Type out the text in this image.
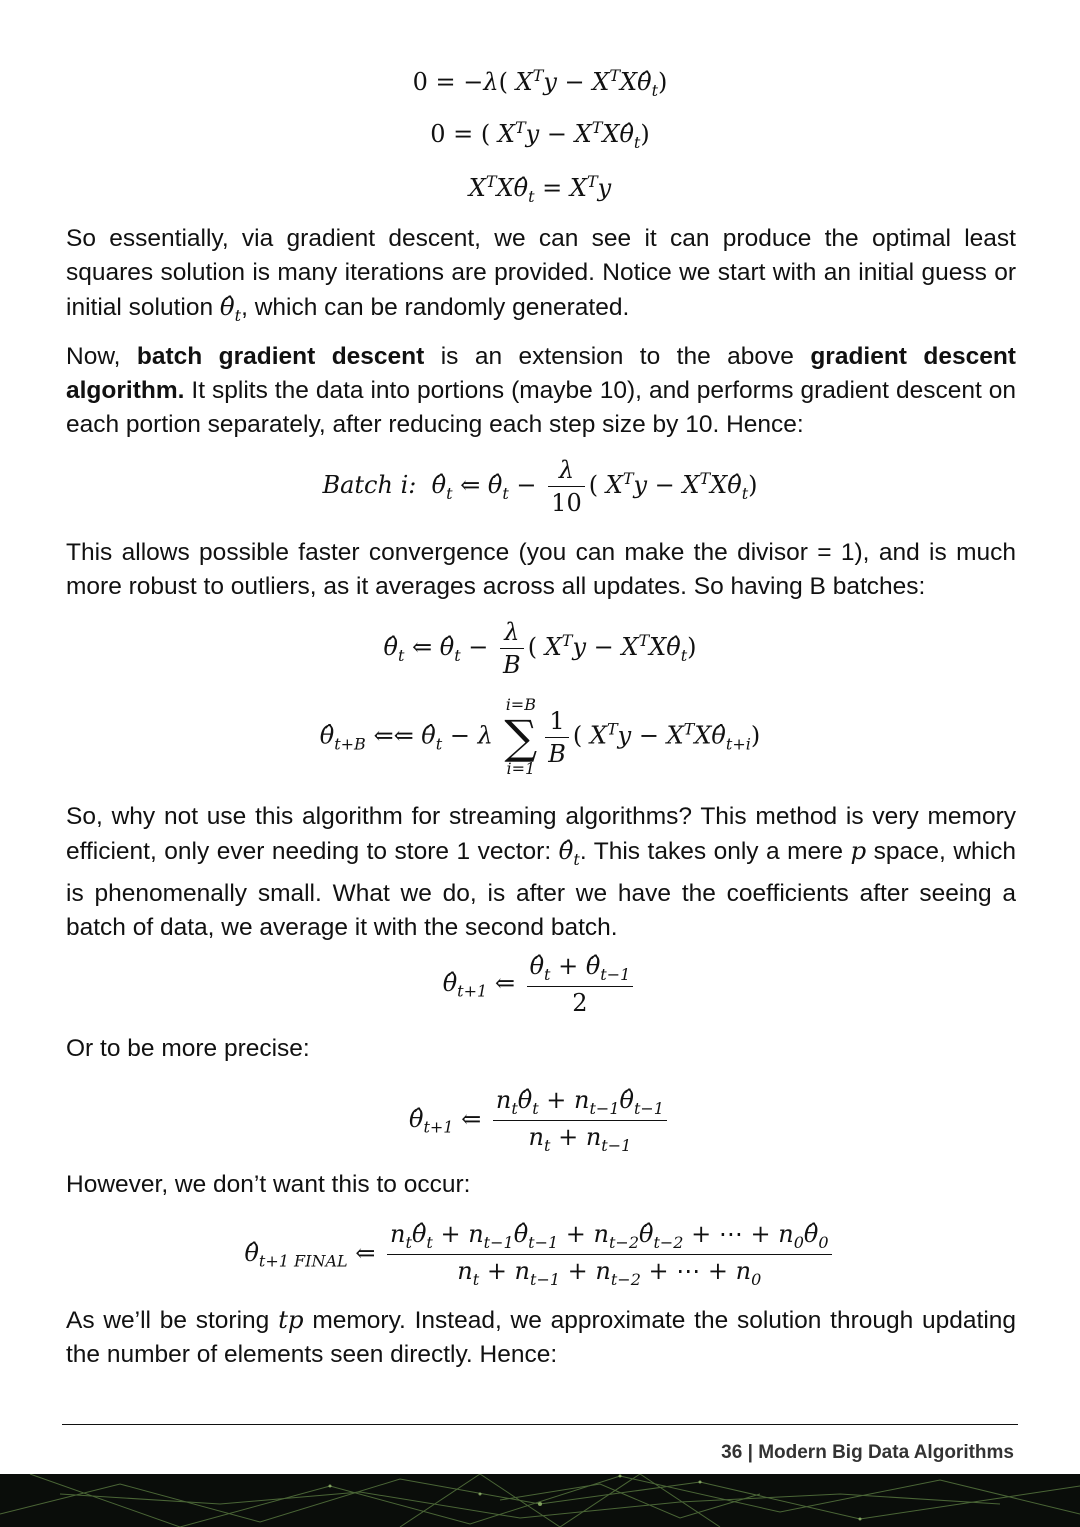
0 = −λ( $X^Ty$ − $X^TX\thetâ_t$)
0 = ( $X^Ty$ − $X^TX\thetâ_t$)
$X^TX\thetâ_t = X^Ty$
So essentially, via gradient descent, we can see it can produce the optimal least squares solution is many iterations are provided. Notice we start with an initial guess or initial solution $\thetâ_t$, which can be randomly generated.
Now, batch gradient descent is an extension to the above gradient descent algorithm. It splits the data into portions (maybe 10), and performs gradient descent on each portion separately, after reducing each step size by 10. Hence:
Batch i:  $\thetâ_t$ ⇐ $\thetâ_t - \frac{\lambda}{10}$ ( $X^Ty$ − $X^TX\thetâ_t$)
This allows possible faster convergence (you can make the divisor = 1), and is much more robust to outliers, as it averages across all updates. So having B batches:
$\thetâ_t$ ⇐ $\thetâ_t - \frac{\lambda}{B}$ ( $X^Ty$ − $X^TX\thetâ_t$)
$\thetâ_{t+B}$ ⇐⇐ $\thetâ_t - \lambda$
i=B
∑
i=1
$\frac{1}{B}$ ( $X^Ty$ − $X^TX\thetâ_{t+i}$)
So, why not use this algorithm for streaming algorithms? This method is very memory efficient, only ever needing to store 1 vector: $\thetâ_t$. This takes only a mere p space, which is phenomenally small. What we do, is after we have the coefficients after seeing a batch of data, we average it with the second batch.
$\thetâ_{t+1}$ ⇐ $\frac{\thetâ_t + \thetâ_{t-1}}{2}$
Or to be more precise:
$\thetâ_{t+1}$ ⇐ $\frac{n_t\thetâ_t + n_{t-1}\thetâ_{t-1}}{n_t + n_{t-1}}$
However, we don’t want this to occur:
$\thetâ_{t+1 FINAL}$ ⇐ $\frac{n_t\thetâ_t + n_{t-1}\thetâ_{t-1} + n_{t-2}\thetâ_{t-2} + \cdots + n_0\thetâ_0}{n_t + n_{t-1} + n_{t-2} + \cdots + n_0}$
As we’ll be storing tp memory. Instead, we approximate the solution through updating the number of elements seen directly. Hence:
36 | Modern Big Data Algorithms
